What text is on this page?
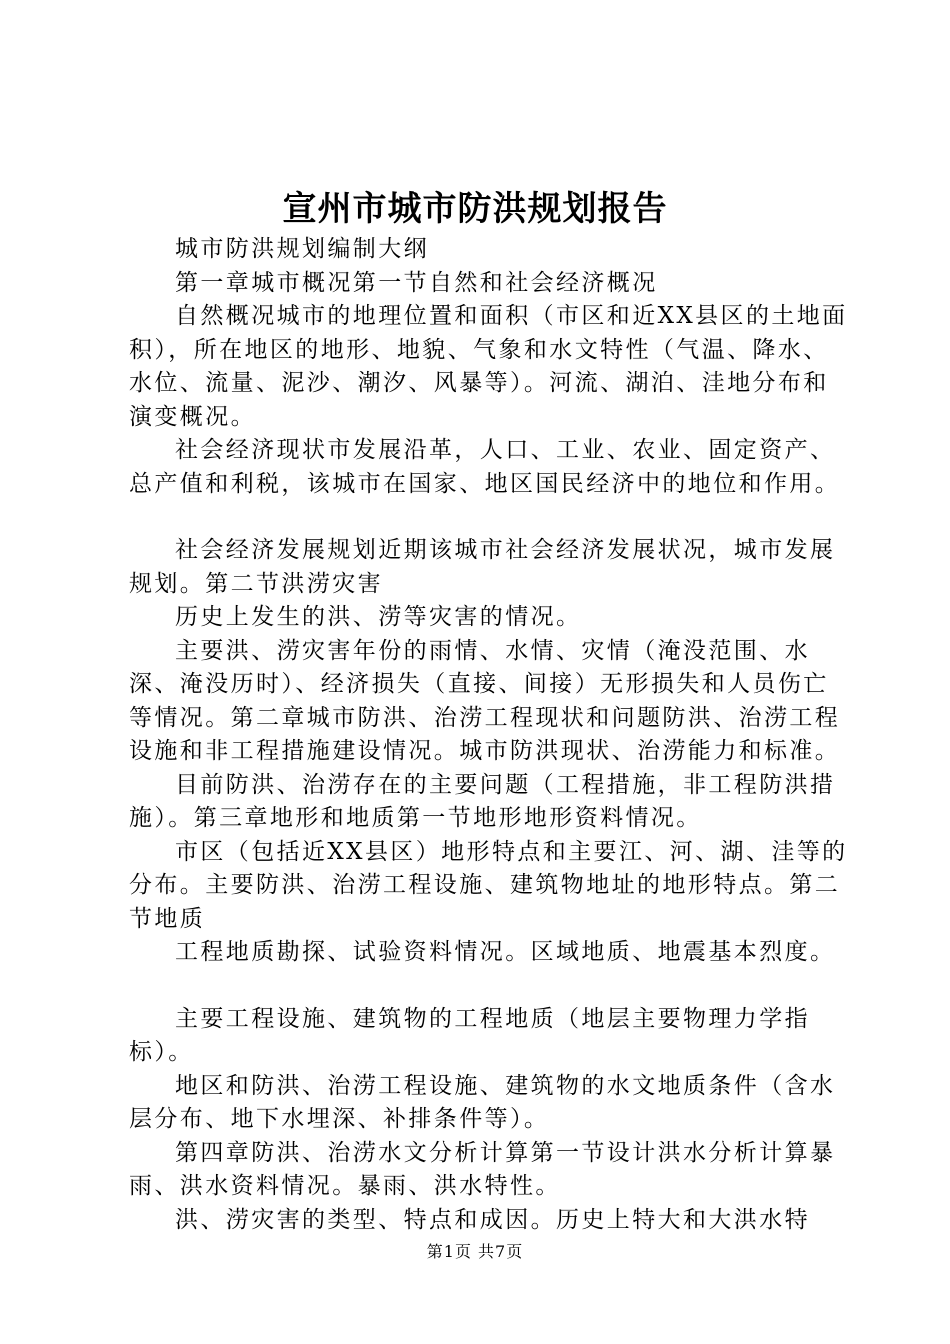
宣州市城市防洪规划报告

城市防洪规划编制大纲

第一章城市概况第一节自然和社会经济概况

自然概况城市的地理位置和面积（市区和近XX县区的土地面积），所在地区的地形、地貌、气象和水文特性（气温、降水、水位、流量、泥沙、潮汐、风暴等）。河流、湖泊、洼地分布和演变概况。

社会经济现状市发展沿革，人口、工业、农业、固定资产、总产值和利税，该城市在国家、地区国民经济中的地位和作用。

社会经济发展规划近期该城市社会经济发展状况，城市发展规划。第二节洪涝灾害

历史上发生的洪、涝等灾害的情况。

主要洪、涝灾害年份的雨情、水情、灾情（淹没范围、水深、淹没历时）、经济损失（直接、间接）无形损失和人员伤亡等情况。第二章城市防洪、治涝工程现状和问题防洪、治涝工程设施和非工程措施建设情况。城市防洪现状、治涝能力和标准。

目前防洪、治涝存在的主要问题（工程措施，非工程防洪措施）。第三章地形和地质第一节地形地形资料情况。

市区（包括近XX县区）地形特点和主要江、河、湖、洼等的分布。主要防洪、治涝工程设施、建筑物地址的地形特点。第二节地质

工程地质勘探、试验资料情况。区域地质、地震基本烈度。

主要工程设施、建筑物的工程地质（地层主要物理力学指标）。

地区和防洪、治涝工程设施、建筑物的水文地质条件（含水层分布、地下水埋深、补排条件等）。

第四章防洪、治涝水文分析计算第一节设计洪水分析计算暴雨、洪水资料情况。暴雨、洪水特性。

洪、涝灾害的类型、特点和成因。历史上特大和大洪水特

第1页 共7页
